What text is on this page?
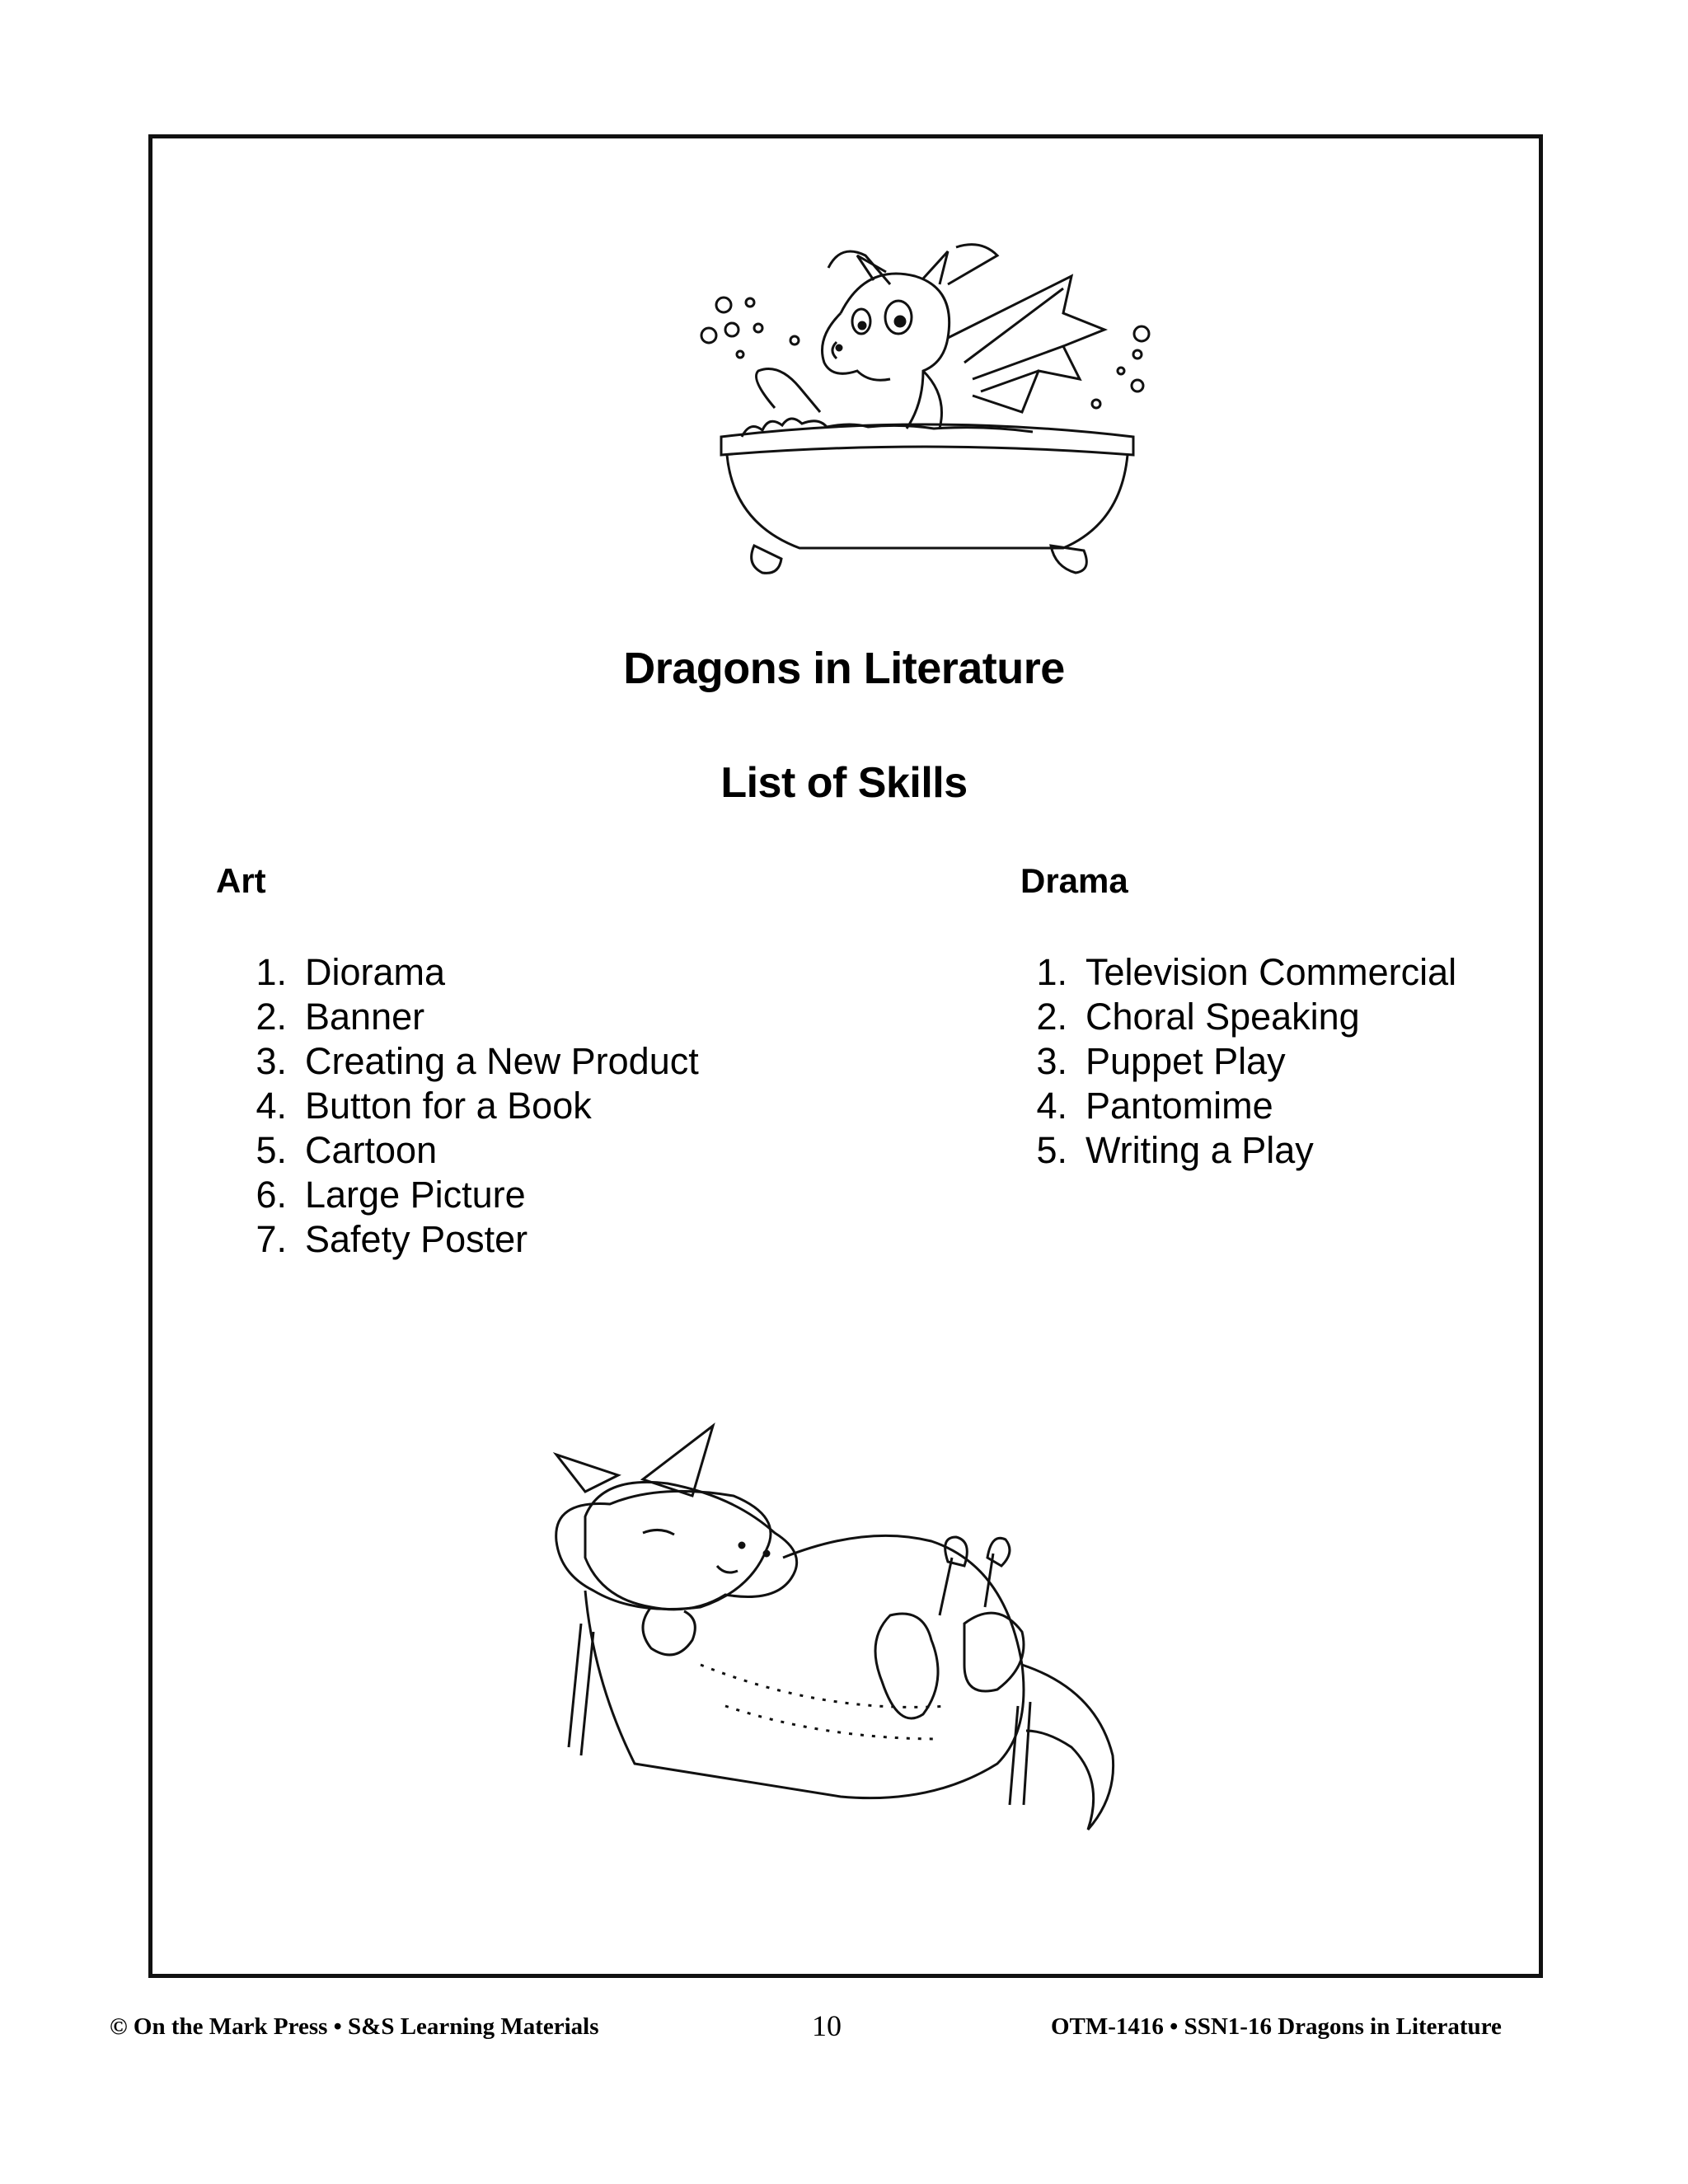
Dragons in Literature
List of Skills
Art	Drama
1. Diorama
2. Banner
3. Creating a New Product
4. Button for a Book
5. Cartoon
6. Large Picture
7. Safety Poster
1. Television Commercial
2. Choral Speaking
3. Puppet Play
4. Pantomime
5. Writing a Play
© On the Mark Press • S&S Learning Materials	10	OTM-1416 • SSN1-16 Dragons in Literature
